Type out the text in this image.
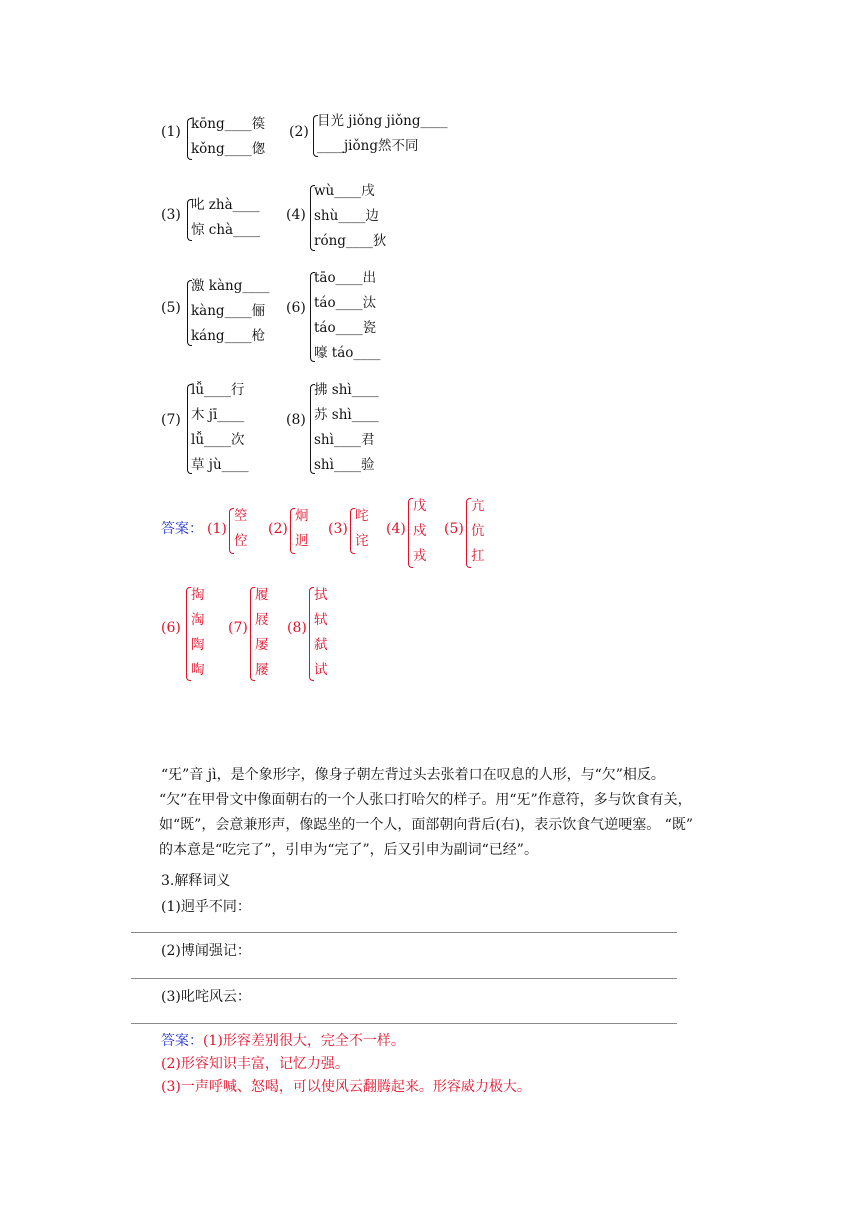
(1) kōng____篌
kǒng____偬
(2)
目光 jiǒng jiǒng____
____jiǒng然不同
(3)
叱 zhà____
惊 chà____
(4)
wù____戌
shù____边
róng____狄
(5)
激 kàng____
kàng____俪
káng____枪
(6)
tāo____出
táo____汰
táo____瓷
嚎 táo____
(7)
lǚ____行
木 jī____
lǚ____次
草 jù____
(8)
拂 shì____
苏 shì____
shì____君
shì____验
答案： (1)
箜
倥
(2)
炯
迥
(3)
咤
诧
(4)
戊
戍
戎
(5)
亢
伉
扛
(6)
掏
淘
陶
啕
(7)
履
屐
屡
屦
(8)
拭
轼
弑
试

“旡”音 jì，是个象形字，像身子朝左背过头去张着口在叹息的人形，与“欠”相反。

“欠”在甲骨文中像面朝右的一个人张口打哈欠的样子。用“旡”作意符，多与饮食有关，

如“既”，会意兼形声，像跽坐的一个人，面部朝向背后(右)，表示饮食气逆哽塞。 “既”

的本意是“吃完了”，引申为“完了”，后又引申为副词“已经”。

3.解释词义
(1)迥乎不同：
(2)博闻强记：
(3)叱咤风云：
答案： (1)形容差别很大，完全不一样。
(2)形容知识丰富，记忆力强。
(3)一声呼喊、怒喝，可以使风云翻腾起来。形容威力极大。
